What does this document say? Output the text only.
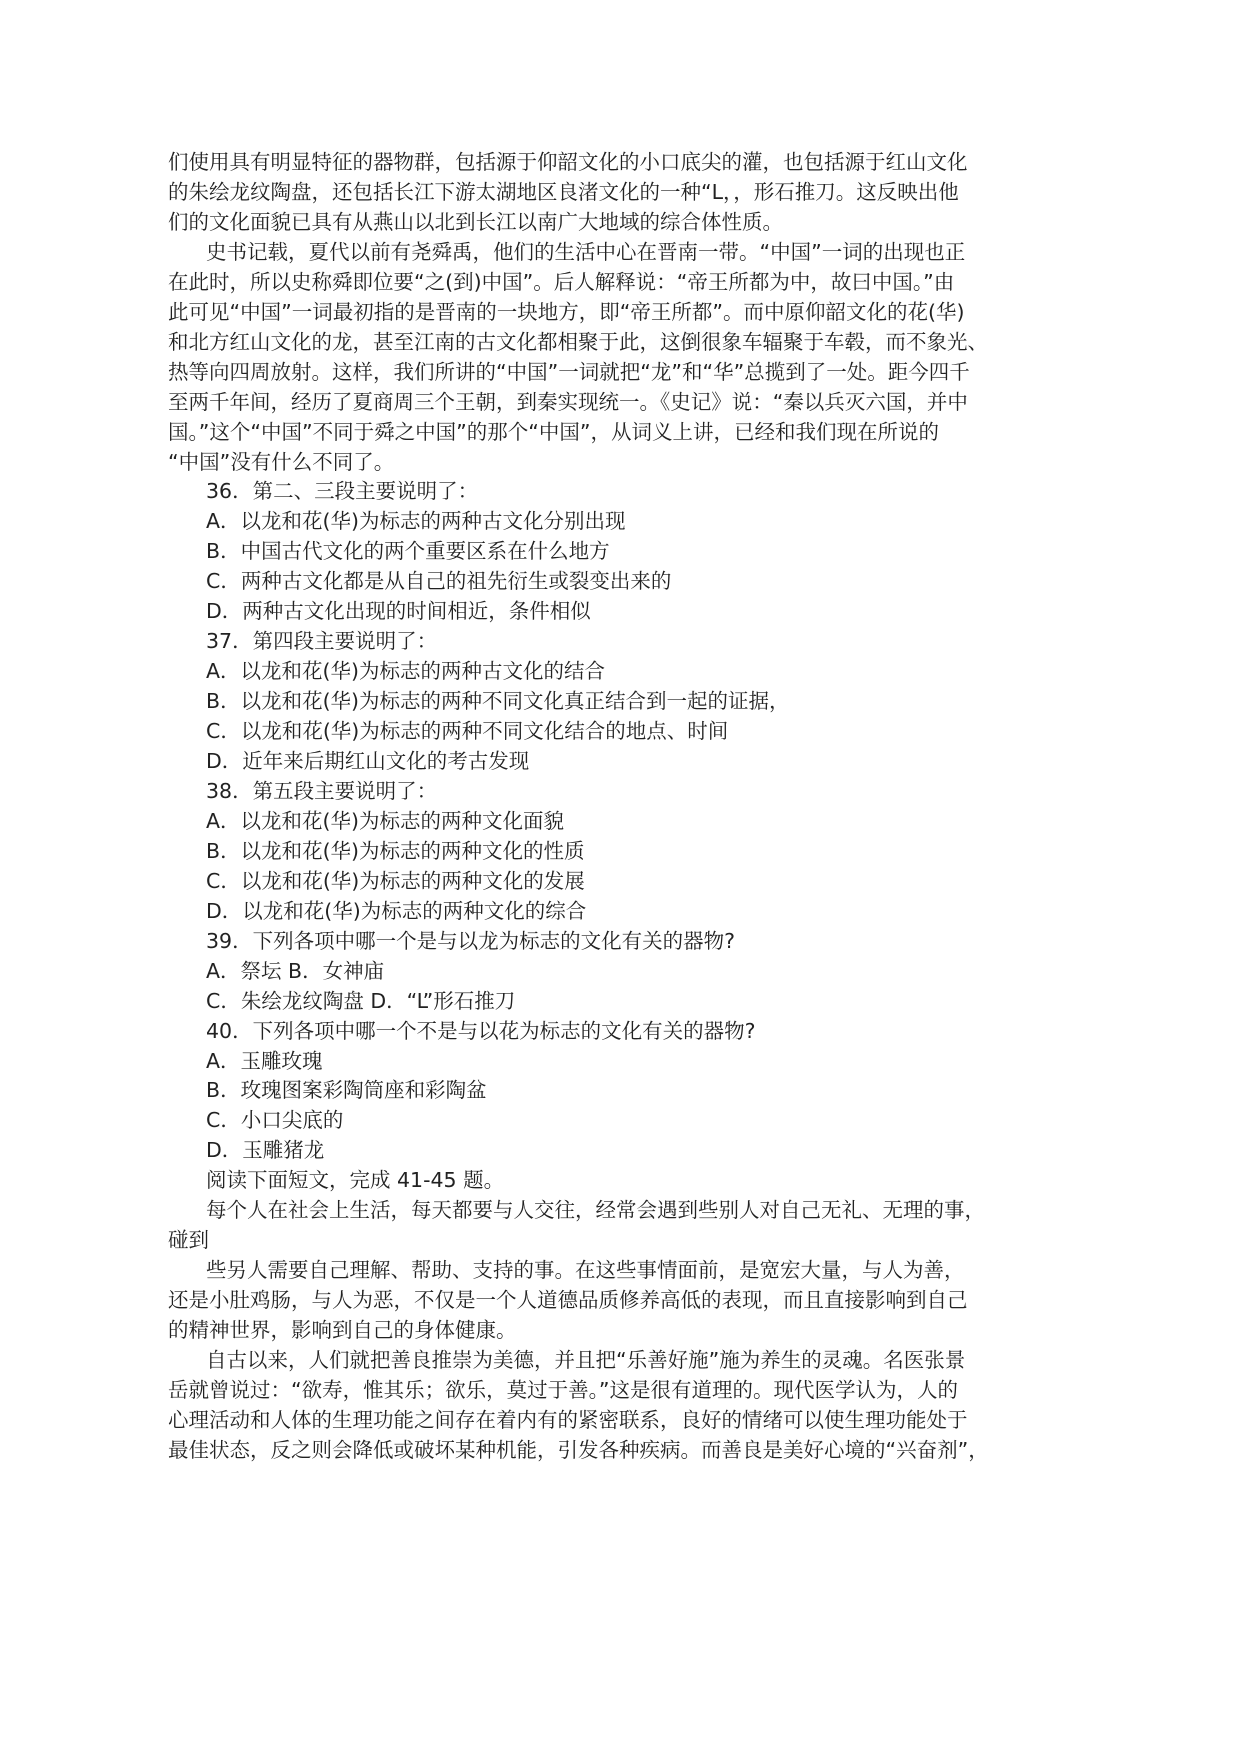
们使用具有明显特征的器物群，包括源于仰韶文化的小口底尖的灌，也包括源于红山文化
的朱绘龙纹陶盘，还包括长江下游太湖地区良渚文化的一种“L，，形石推刀。这反映出他
们的文化面貌已具有从燕山以北到长江以南广大地域的综合体性质。
史书记载，夏代以前有尧舜禹，他们的生活中心在晋南一带。“中国”一词的出现也正
在此时，所以史称舜即位要“之(到)中国”。后人解释说：“帝王所都为中，故曰中国。”由
此可见“中国”一词最初指的是晋南的一块地方，即“帝王所都”。而中原仰韶文化的花(华)
和北方红山文化的龙，甚至江南的古文化都相聚于此，这倒很象车辐聚于车毂，而不象光、
热等向四周放射。这样，我们所讲的“中国”一词就把“龙”和“华”总揽到了一处。距今四千
至两千年间，经历了夏商周三个王朝，到秦实现统一。《史记》说：“秦以兵灭六国，并中
国。”这个“中国”不同于舜之中国”的那个“中国”，从词义上讲，已经和我们现在所说的
“中国”没有什么不同了。
36．第二、三段主要说明了：
A．以龙和花(华)为标志的两种古文化分别出现
B．中国古代文化的两个重要区系在什么地方
C．两种古文化都是从自己的祖先衍生或裂变出来的
D．两种古文化出现的时间相近，条件相似
37．第四段主要说明了：
A．以龙和花(华)为标志的两种古文化的结合
B．以龙和花(华)为标志的两种不同文化真正结合到一起的证据，
C．以龙和花(华)为标志的两种不同文化结合的地点、时间
D．近年来后期红山文化的考古发现
38．第五段主要说明了：
A．以龙和花(华)为标志的两种文化面貌
B．以龙和花(华)为标志的两种文化的性质
C．以龙和花(华)为标志的两种文化的发展
D．以龙和花(华)为标志的两种文化的综合
39．下列各项中哪一个是与以龙为标志的文化有关的器物?
A．祭坛 B．女神庙
C．朱绘龙纹陶盘 D．“L”形石推刀
40．下列各项中哪一个不是与以花为标志的文化有关的器物?
A．玉雕玫瑰
B．玫瑰图案彩陶筒座和彩陶盆
C．小口尖底的
D．玉雕猪龙
阅读下面短文，完成 41-45 题。
每个人在社会上生活，每天都要与人交往，经常会遇到些别人对自己无礼、无理的事，
碰到
些另人需要自己理解、帮助、支持的事。在这些事情面前，是宽宏大量，与人为善，
还是小肚鸡肠，与人为恶，不仅是一个人道德品质修养高低的表现，而且直接影响到自己
的精神世界，影响到自己的身体健康。
自古以来，人们就把善良推崇为美德，并且把“乐善好施”施为养生的灵魂。名医张景
岳就曾说过：“欲寿，惟其乐；欲乐，莫过于善。”这是很有道理的。现代医学认为，人的
心理活动和人体的生理功能之间存在着内有的紧密联系，良好的情绪可以使生理功能处于
最佳状态，反之则会降低或破坏某种机能，引发各种疾病。而善良是美好心境的“兴奋剂”，
